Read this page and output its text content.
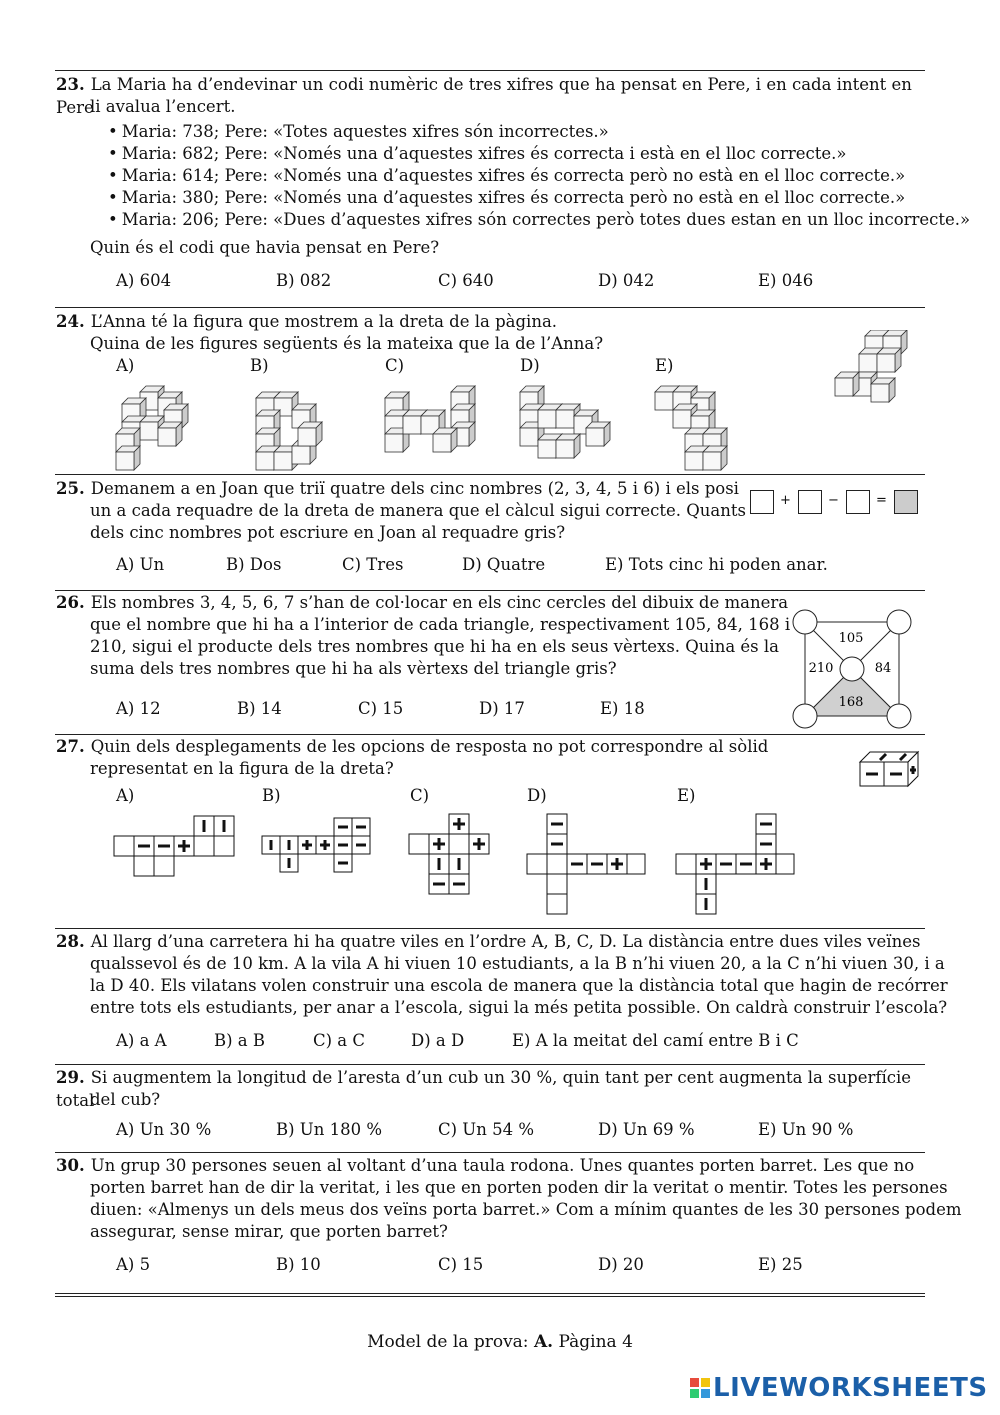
23. La Maria ha d’endevinar un codi numèric de tres xifres que ha pensat en Pere, i en cada intent en Pere
li avalua l’encert.
• Maria: 738; Pere: «Totes aquestes xifres són incorrectes.»
• Maria: 682; Pere: «Només una d’aquestes xifres és correcta i està en el lloc correcte.»
• Maria: 614; Pere: «Només una d’aquestes xifres és correcta però no està en el lloc correcte.»
• Maria: 380; Pere: «Només una d’aquestes xifres és correcta però no està en el lloc correcte.»
• Maria: 206; Pere: «Dues d’aquestes xifres són correctes però totes dues estan en un lloc incorrecte.»
Quin és el codi que havia pensat en Pere?
A) 604	B) 082	C) 640	D) 042	E) 046
24. L’Anna té la figura que mostrem a la dreta de la pàgina.
Quina de les figures següents és la mateixa que la de l’Anna?
A)	B)	C)	D)	E)
25. Demanem a en Joan que triï quatre dels cinc nombres (2, 3, 4, 5 i 6) i els posi
un a cada requadre de la dreta de manera que el càlcul sigui correcte. Quants
dels cinc nombres pot escriure en Joan al requadre gris?
+	−	=
A) Un	B) Dos	C) Tres	D) Quatre	E) Tots cinc hi poden anar.
26. Els nombres 3, 4, 5, 6, 7 s’han de col·locar en els cinc cercles del dibuix de manera
que el nombre que hi ha a l’interior de cada triangle, respectivament 105, 84, 168 i
210, sigui el producte dels tres nombres que hi ha en els seus vèrtexs. Quina és la
suma dels tres nombres que hi ha als vèrtexs del triangle gris?
105
210	84
168
A) 12	B) 14	C) 15	D) 17	E) 18
27. Quin dels desplegaments de les opcions de resposta no pot correspondre al sòlid
representat en la figura de la dreta?
A)	B)	C)	D)	E)
28. Al llarg d’una carretera hi ha quatre viles en l’ordre A, B, C, D. La distància entre dues viles veïnes
qualssevol és de 10 km. A la vila A hi viuen 10 estudiants, a la B n’hi viuen 20, a la C n’hi viuen 30, i a
la D 40. Els vilatans volen construir una escola de manera que la distància total que hagin de recórrer
entre tots els estudiants, per anar a l’escola, sigui la més petita possible. On caldrà construir l’escola?
A) a A	B) a B	C) a C	D) a D	E) A la meitat del camí entre B i C
29. Si augmentem la longitud de l’aresta d’un cub un 30 %, quin tant per cent augmenta la superfície total
del cub?
A) Un 30 %	B) Un 180 %	C) Un 54 %	D) Un 69 %	E) Un 90 %
30. Un grup 30 persones seuen al voltant d’una taula rodona. Unes quantes porten barret. Les que no
porten barret han de dir la veritat, i les que en porten poden dir la veritat o mentir. Totes les persones
diuen: «Almenys un dels meus dos veïns porta barret.» Com a mínim quantes de les 30 persones podem
assegurar, sense mirar, que porten barret?
A) 5	B) 10	C) 15	D) 20	E) 25
Model de la prova: A. Pàgina 4
LIVEWORKSHEETS
